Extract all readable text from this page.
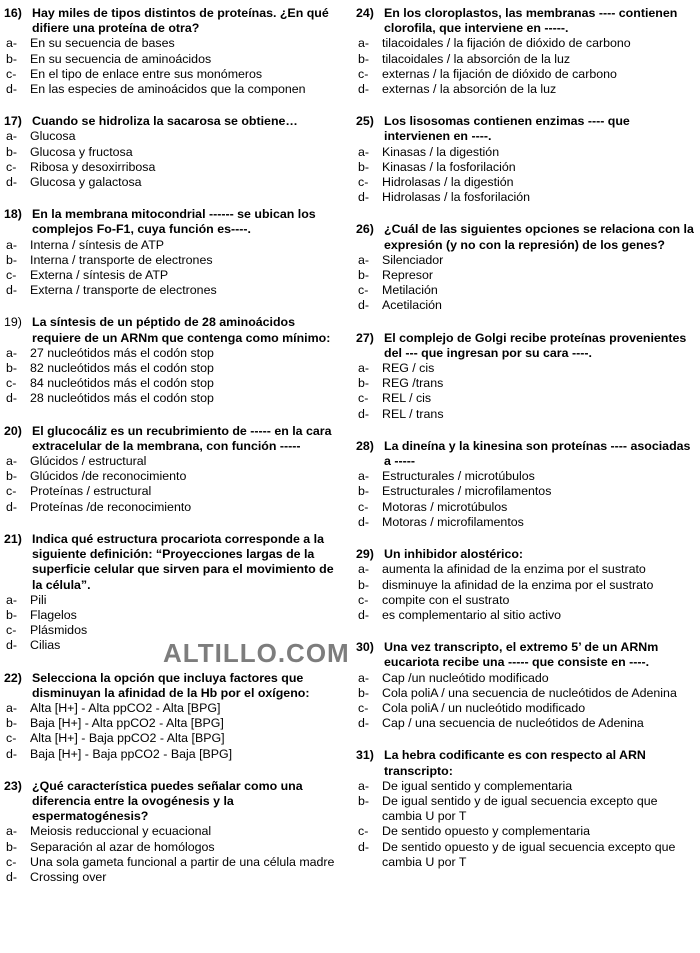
16) Hay miles de tipos distintos de proteínas. ¿En qué difiere una proteína de otra?
a-	En su secuencia de bases
b-	En su secuencia de aminoácidos
c-	En el tipo de enlace entre sus monómeros
d-	En las especies de aminoácidos que la componen
17) Cuando se hidroliza la sacarosa se obtiene…
a-	Glucosa
b-	Glucosa y fructosa
c-	Ribosa y desoxirribosa
d-	Glucosa y galactosa
18) En la membrana mitocondrial ------ se ubican los complejos Fo-F1, cuya función es----.
a-	Interna / síntesis de ATP
b-	Interna / transporte de electrones
c-	Externa / síntesis de ATP
d-	Externa / transporte de electrones
19) La síntesis de un péptido de 28 aminoácidos requiere de un ARNm que contenga como mínimo:
a-	27 nucleótidos más el codón stop
b-	82 nucleótidos más el codón stop
c-	84 nucleótidos más el codón stop
d-	28 nucleótidos más el codón stop
20) El glucocáliz es un recubrimiento de ----- en la cara extracelular de la membrana, con función -----
a-	Glúcidos / estructural
b-	Glúcidos /de reconocimiento
c-	Proteínas / estructural
d-	Proteínas /de reconocimiento
21) Indica qué estructura procariota corresponde a la siguiente definición: “Proyecciones largas de la superficie celular que sirven para el movimiento de la célula”.
a-	Pili
b-	Flagelos
c-	Plásmidos
d-	Cilias
22) Selecciona la opción que incluya factores que disminuyan la afinidad de la Hb por el oxígeno:
a-	Alta [H+] - Alta ppCO2 - Alta [BPG]
b-	Baja [H+] - Alta ppCO2 - Alta [BPG]
c-	Alta [H+] - Baja ppCO2 - Alta [BPG]
d-	Baja [H+] - Baja ppCO2 - Baja [BPG]
23) ¿Qué característica puedes señalar como una diferencia entre la ovogénesis y la espermatogénesis?
a-	Meiosis reduccional y ecuacional
b-	Separación al azar de homólogos
c-	Una sola gameta funcional a partir de una célula madre
d-	Crossing over
24) En los cloroplastos, las membranas ---- contienen clorofila, que interviene en -----.
a-	tilacoidales / la fijación de dióxido de carbono
b-	tilacoidales / la absorción de la luz
c-	externas / la fijación de dióxido de carbono
d-	externas / la absorción de la luz
25) Los lisosomas contienen enzimas ---- que intervienen en ----.
a-	Kinasas / la digestión
b-	Kinasas / la fosforilación
c-	Hidrolasas / la digestión
d-	Hidrolasas / la fosforilación
26) ¿Cuál de las siguientes opciones se relaciona con la expresión (y no con la represión) de los genes?
a-	Silenciador
b-	Represor
c-	Metilación
d-	Acetilación
27) El complejo de Golgi recibe proteínas provenientes del --- que ingresan por su cara ----.
a-	REG / cis
b-	REG /trans
c-	REL / cis
d-	REL / trans
28) La dineína y la kinesina son proteínas ---- asociadas a -----
a-	Estructurales / microtúbulos
b-	Estructurales / microfilamentos
c-	Motoras / microtúbulos
d-	Motoras / microfilamentos
29) Un inhibidor alostérico:
a-	aumenta la afinidad de la enzima por el sustrato
b-	disminuye la afinidad de la enzima por el sustrato
c-	compite con el sustrato
d-	es complementario al sitio activo
30) Una vez transcripto, el extremo 5’ de un ARNm eucariota recibe una ----- que consiste en ----.
a-	Cap /un nucleótido modificado
b-	Cola poliA / una secuencia de nucleótidos de Adenina
c-	Cola poliA / un nucleótido modificado
d-	Cap / una secuencia de nucleótidos de Adenina
31) La hebra codificante es con respecto al ARN transcripto:
a-	De igual sentido y complementaria
b-	De igual sentido y de igual secuencia excepto que cambia U por T
c-	De sentido opuesto y complementaria
d-	De sentido opuesto y de igual secuencia excepto que cambia U por T
ALTILLO.COM
